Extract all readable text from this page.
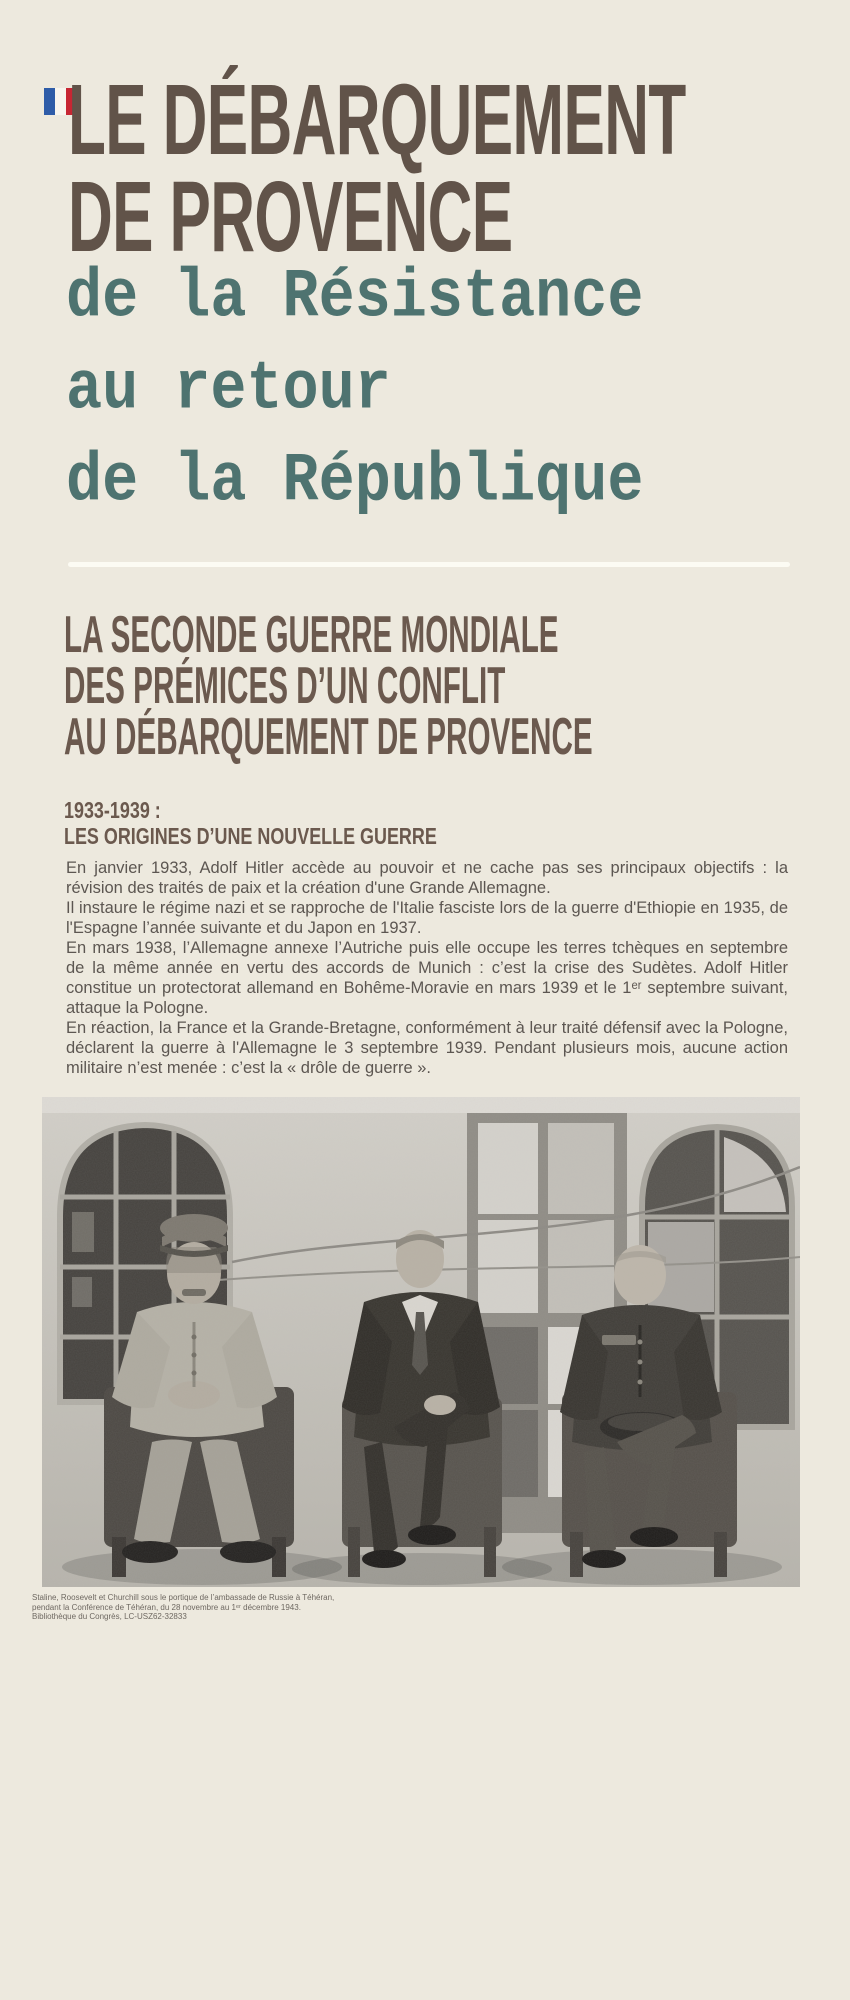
LE DÉBARQUEMENT
DE PROVENCE
de la Résistance
au retour
de la République
LA SECONDE GUERRE MONDIALE
DES PRÉMICES D’UN CONFLIT
AU DÉBARQUEMENT DE PROVENCE
1933-1939 :
LES ORIGINES D’UNE NOUVELLE GUERRE

En janvier 1933, Adolf Hitler accède au pouvoir et ne cache pas ses principaux objectifs : la révision des traités de paix et la création d'une Grande Allemagne.

Il instaure le régime nazi et se rapproche de l'Italie fasciste lors de la guerre d'Ethiopie en 1935, de l'Espagne l’année suivante et du Japon en 1937.

En mars 1938, l’Allemagne annexe l’Autriche puis elle occupe les terres tchèques en septembre de la même année en vertu des accords de Munich : c’est la crise des Sudètes. Adolf Hitler constitue un protectorat allemand en Bohême-Moravie en mars 1939 et le 1ᵉʳ septembre suivant, attaque la Pologne.

En réaction, la France et la Grande-Bretagne, conformément à leur traité défensif avec la Pologne, déclarent la guerre à l'Allemagne le 3 septembre 1939. Pendant plusieurs mois, aucune action militaire n’est menée : c’est la « drôle de guerre ».

Staline, Roosevelt et Churchill sous le portique de l’ambassade de Russie à Téhéran,
pendant la Conférence de Téhéran, du 28 novembre au 1ᵉʳ décembre 1943.
Bibliothèque du Congrès, LC-USZ62-32833
